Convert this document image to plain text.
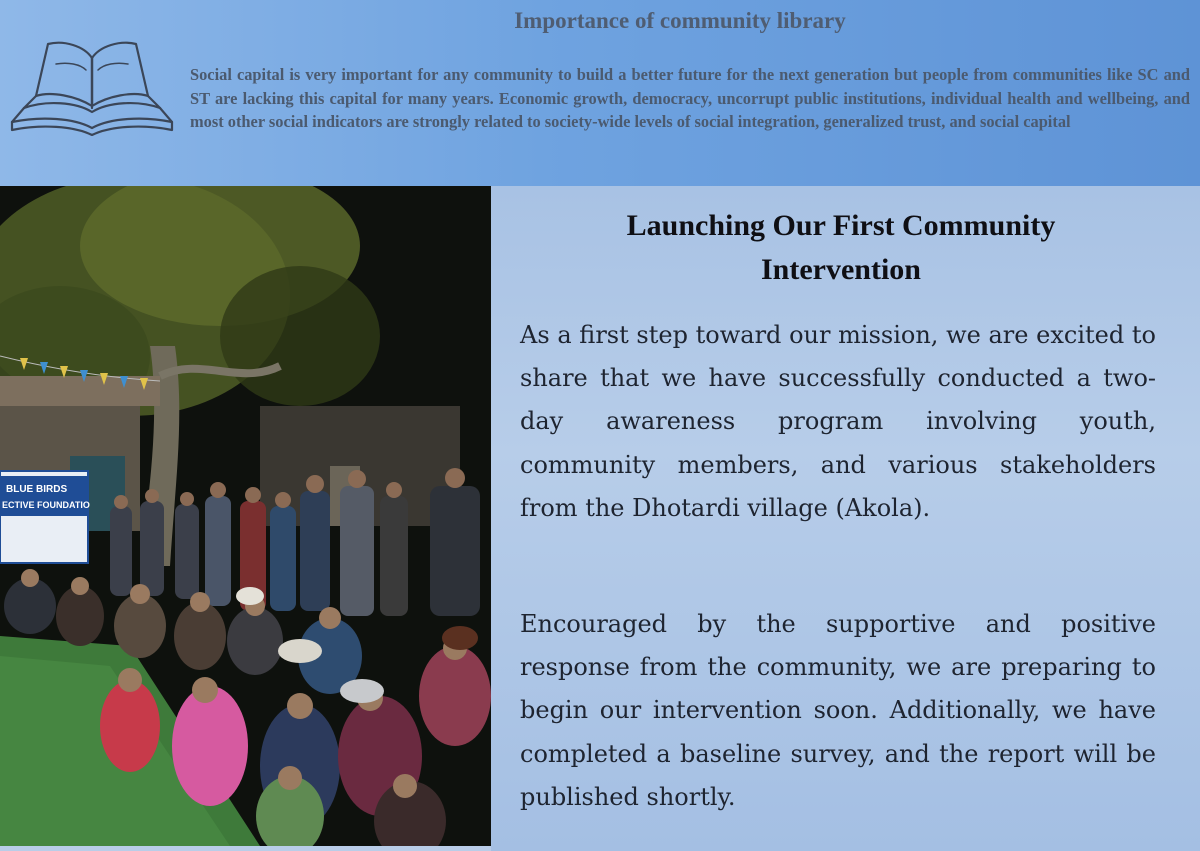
Importance of community library

Social capital is very important for any community to build a better future for the next generation but people from communities like SC and ST are lacking this capital for many years. Economic growth, democracy, uncorrupt public institutions, individual health and wellbeing, and most other social indicators are strongly related to society-wide levels of social integration, generalized trust, and social capital

BLUE BIRDS
ECTIVE FOUNDATIO
Launching Our First Community
Intervention

As a first step toward our mission, we are excited to share that we have successfully conducted a two-day awareness program involving youth, community members, and various stakeholders from the Dhotardi village (Akola).

Encouraged by the supportive and positive response from the community, we are preparing to begin our intervention soon. Additionally, we have completed a baseline survey, and the report will be published shortly.
